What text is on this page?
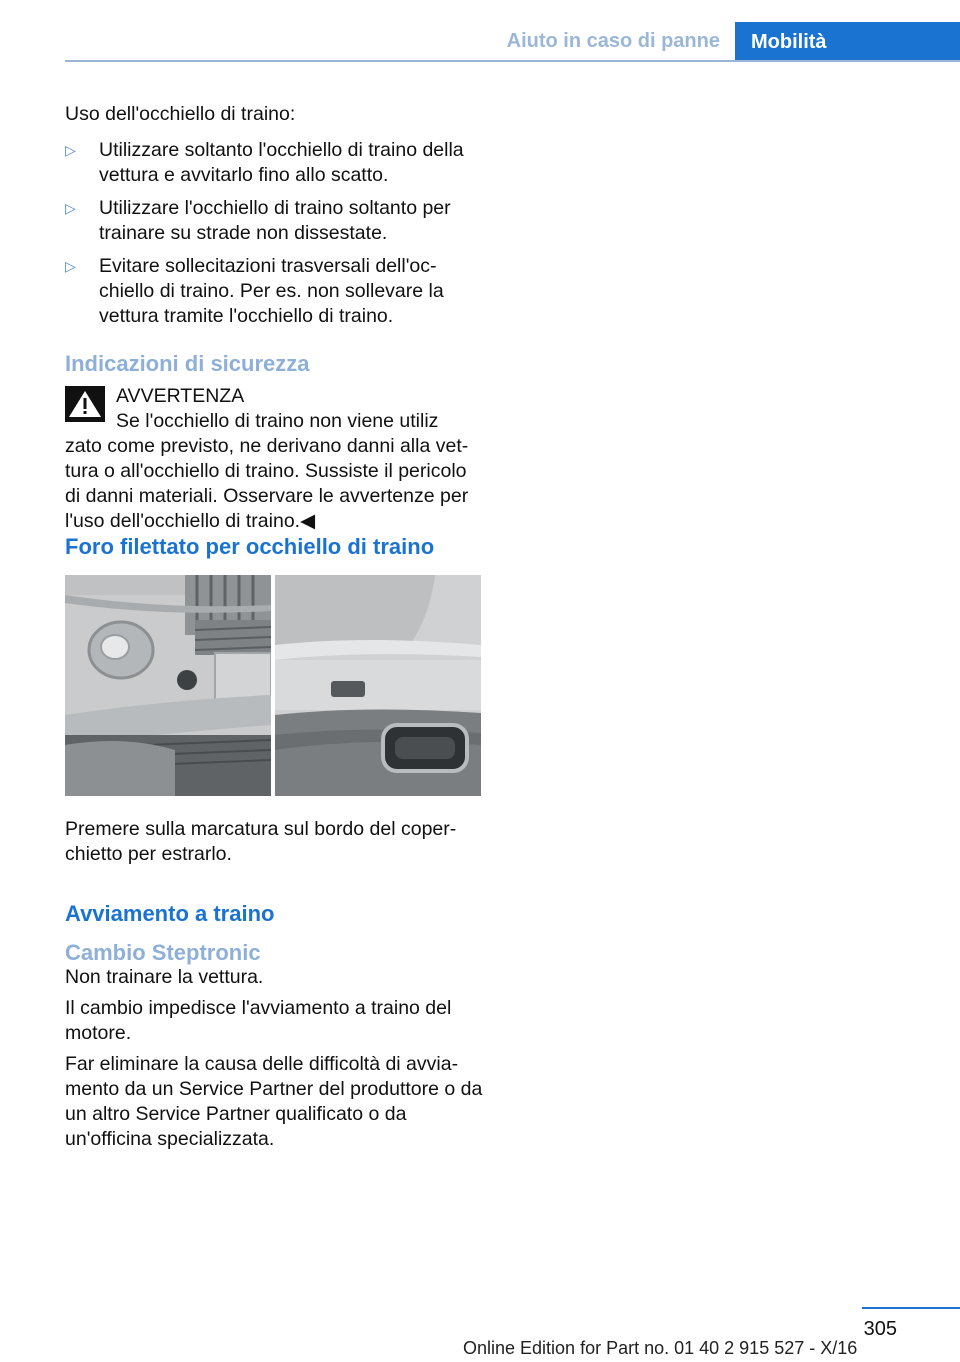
Aiuto in caso di panne	Mobilità

Uso dell'occhiello di traino:

▷ Utilizzare soltanto l'occhiello di traino della vettura e avvitarlo fino allo scatto.
▷ Utilizzare l'occhiello di traino soltanto per trainare su strade non dissestate.
▷ Evitare sollecitazioni trasversali dell'occhiello di traino. Per es. non sollevare la vettura tramite l'occhiello di traino.
Indicazioni di sicurezza
AVVERTENZA
Se l'occhiello di traino non viene utiliz
zato come previsto, ne derivano danni alla vettura o all'occhiello di traino. Sussiste il pericolo di danni materiali. Osservare le avvertenze per l'uso dell'occhiello di traino.◀
Foro filettato per occhiello di traino

Premere sulla marcatura sul bordo del coperchietto per estrarlo.

Avviamento a traino
Cambio Steptronic

Non trainare la vettura.

Il cambio impedisce l'avviamento a traino del motore.

Far eliminare la causa delle difficoltà di avviamento da un Service Partner del produttore o da un altro Service Partner qualificato o da un'officina specializzata.

305
Online Edition for Part no. 01 40 2 915 527 - X/16
